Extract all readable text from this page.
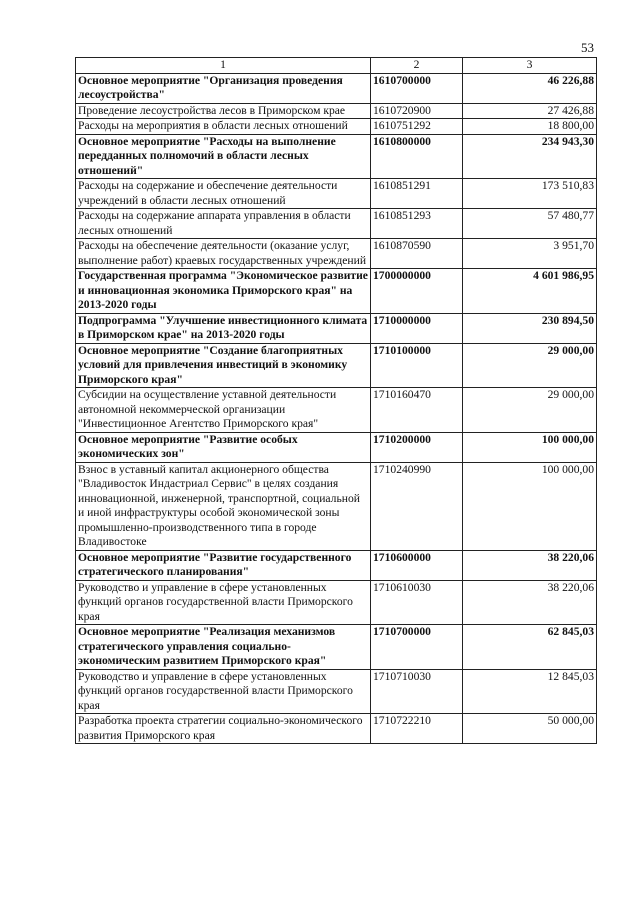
53
1	2	3
Основное мероприятие "Организация проведения лесоустройства"	1610700000	46 226,88
Проведение лесоустройства лесов в Приморском крае	1610720900	27 426,88
Расходы на мероприятия в области лесных отношений	1610751292	18 800,00
Основное мероприятие "Расходы на выполнение передданных полномочий в области лесных отношений"	1610800000	234 943,30
Расходы на содержание и обеспечение деятельности учреждений в области лесных отношений	1610851291	173 510,83
Расходы на содержание аппарата управления в области лесных отношений	1610851293	57 480,77
Расходы на обеспечение деятельности (оказание услуг, выполнение работ) краевых государственных учреждений	1610870590	3 951,70
Государственная программа "Экономическое развитие и инновационная экономика Приморского края" на 2013-2020 годы	1700000000	4 601 986,95
Подпрограмма "Улучшение инвестиционного климата в Приморском крае" на 2013-2020 годы	1710000000	230 894,50
Основное мероприятие "Создание благоприятных условий для привлечения инвестиций в экономику Приморского края"	1710100000	29 000,00
Субсидии на осуществление уставной деятельности автономной некоммерческой организации "Инвестиционное Агентство Приморского края"	1710160470	29 000,00
Основное мероприятие "Развитие особых экономических зон"	1710200000	100 000,00
Взнос в уставный капитал акционерного общества "Владивосток Индастриал Сервис" в целях создания инновационной, инженерной, транспортной, социальной и иной инфраструктуры особой экономической зоны промышленно-производственного типа в городе Владивостоке	1710240990	100 000,00
Основное мероприятие "Развитие государственного стратегического планирования"	1710600000	38 220,06
Руководство и управление в сфере установленных функций органов государственной власти Приморского края	1710610030	38 220,06
Основное мероприятие "Реализация механизмов стратегического управления социально-экономическим развитием Приморского края"	1710700000	62 845,03
Руководство и управление в сфере установленных функций органов государственной власти Приморского края	1710710030	12 845,03
Разработка проекта стратегии социально-экономического развития Приморского края	1710722210	50 000,00
